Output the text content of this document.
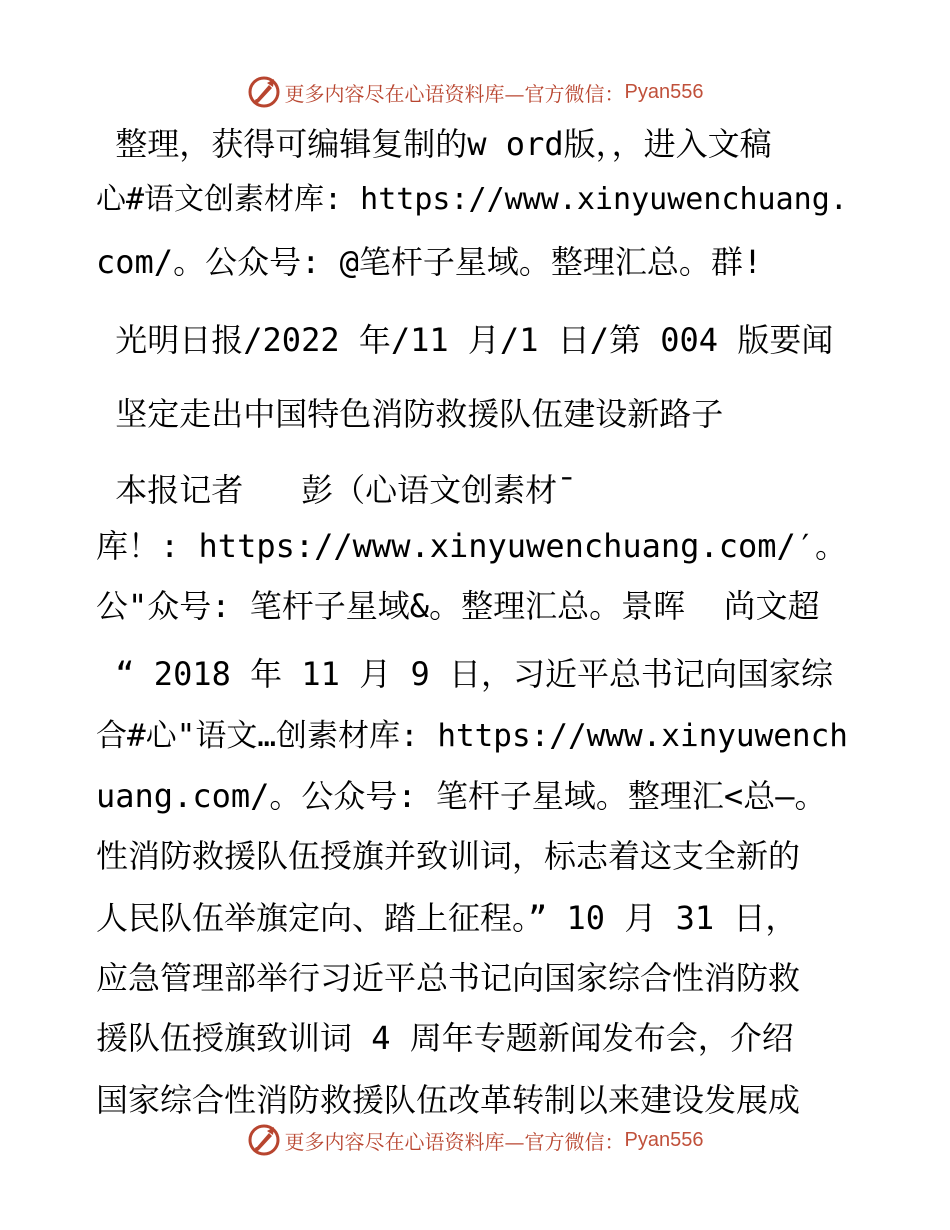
更多内容尽在心语资料库 —官方微信： Pyan556
整理，获得可编辑复制的w ord版，，进入文稿
心#语文创素材库: https://www.xinyuwenchuang.
com/。公众号: @笔杆子星域。整理汇总。群!
光明日报/2022 年/11 月/1 日/第 004 版要闻
坚定走出中国特色消防救援队伍建设新路子
本报记者   彭（心语文创素材¯
库！: https://www.xinyuwenchuang.com/′。
公"众号: 笔杆子星域&。整理汇总。景晖  尚文超
“ 2018 年 11 月 9 日，习近平总书记向国家综
合#心"语文…创素材库: https://www.xinyuwench
uang.com/。公众号: 笔杆子星域。整理汇<总—。
性消防救援队伍授旗并致训词，标志着这支全新的
人民队伍举旗定向、踏上征程。” 10 月 31 日，
应急管理部举行习近平总书记向国家综合性消防救
援队伍授旗致训词 4 周年专题新闻发布会，介绍
国家综合性消防救援队伍改革转制以来建设发展成
更多内容尽在心语资料库 —官方微信： Pyan556
